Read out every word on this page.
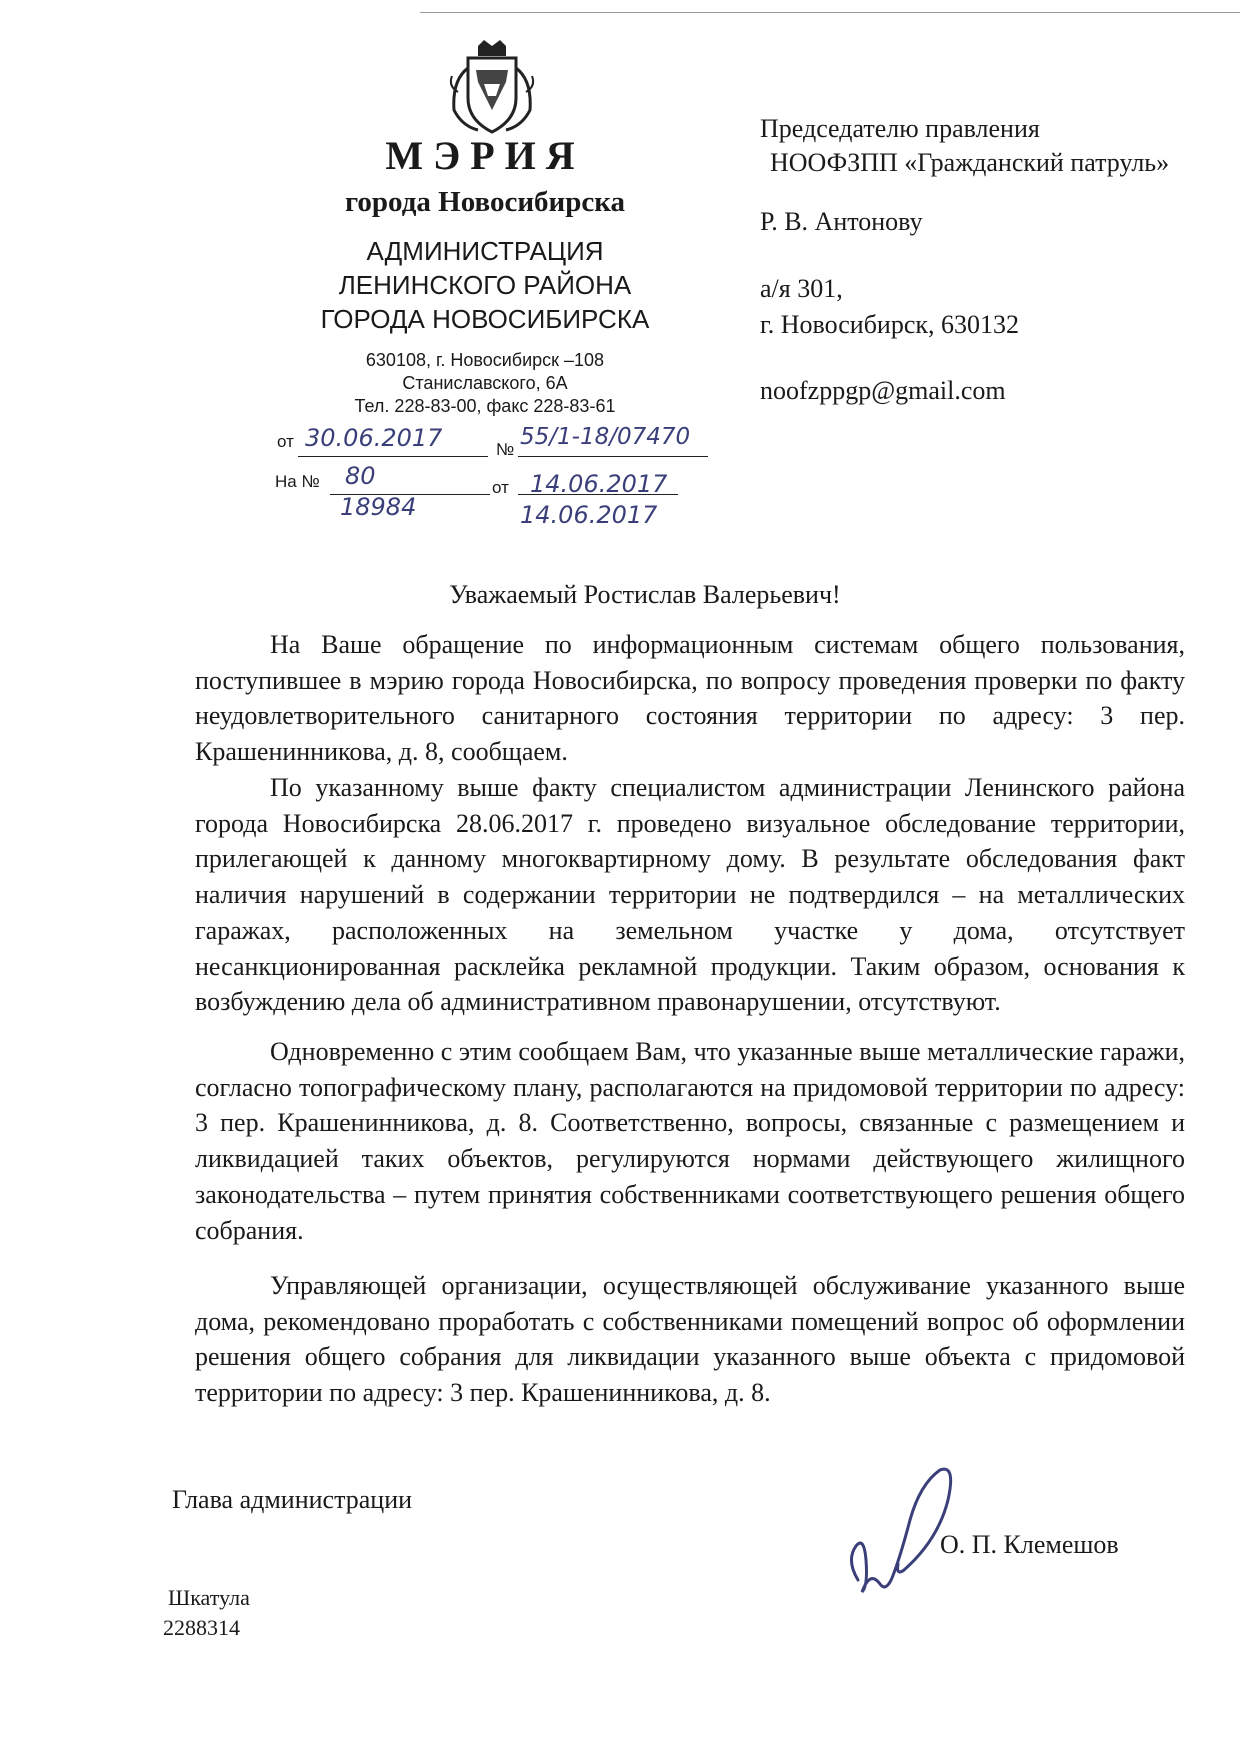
МЭРИЯ
города Новосибирска
АДМИНИСТРАЦИЯ
ЛЕНИНСКОГО РАЙОНА
ГОРОДА НОВОСИБИРСКА
630108, г. Новосибирск –108
Станиславского, 6А
Тел. 228-83-00, факс 228-83-61
от 30.06.2017	№ 55/1-18/07470
На № 80
18984
от 14.06.2017
14.06.2017
Председателю правления
НООФЗПП «Гражданский патруль»
Р. В. Антонову
а/я 301,
г. Новосибирск, 630132
noofzppgp@gmail.com
Уважаемый Ростислав Валерьевич!

На Ваше обращение по информационным системам общего пользования, поступившее в мэрию города Новосибирска, по вопросу проведения проверки по факту неудовлетворительного санитарного состояния территории по адресу: 3 пер. Крашенинникова, д. 8, сообщаем.

По указанному выше факту специалистом администрации Ленинского района города Новосибирска 28.06.2017 г. проведено визуальное обследование территории, прилегающей к данному многоквартирному дому. В результате обследования факт наличия нарушений в содержании территории не подтвердился – на металлических гаражах, расположенных на земельном участке у дома, отсутствует несанкционированная расклейка рекламной продукции. Таким образом, основания к возбуждению дела об административном правонарушении, отсутствуют.

Одновременно с этим сообщаем Вам, что указанные выше металлические гаражи, согласно топографическому плану, располагаются на придомовой территории по адресу: 3 пер. Крашенинникова, д. 8. Соответственно, вопросы, связанные с размещением и ликвидацией таких объектов, регулируются нормами действующего жилищного законодательства – путем принятия собственниками соответствующего решения общего собрания.

Управляющей организации, осуществляющей обслуживание указанного выше дома, рекомендовано проработать с собственниками помещений вопрос об оформлении решения общего собрания для ликвидации указанного выше объекта с придомовой территории по адресу: 3 пер. Крашенинникова, д. 8.

Глава администрации
О. П. Клемешов
Шкатула
2288314
